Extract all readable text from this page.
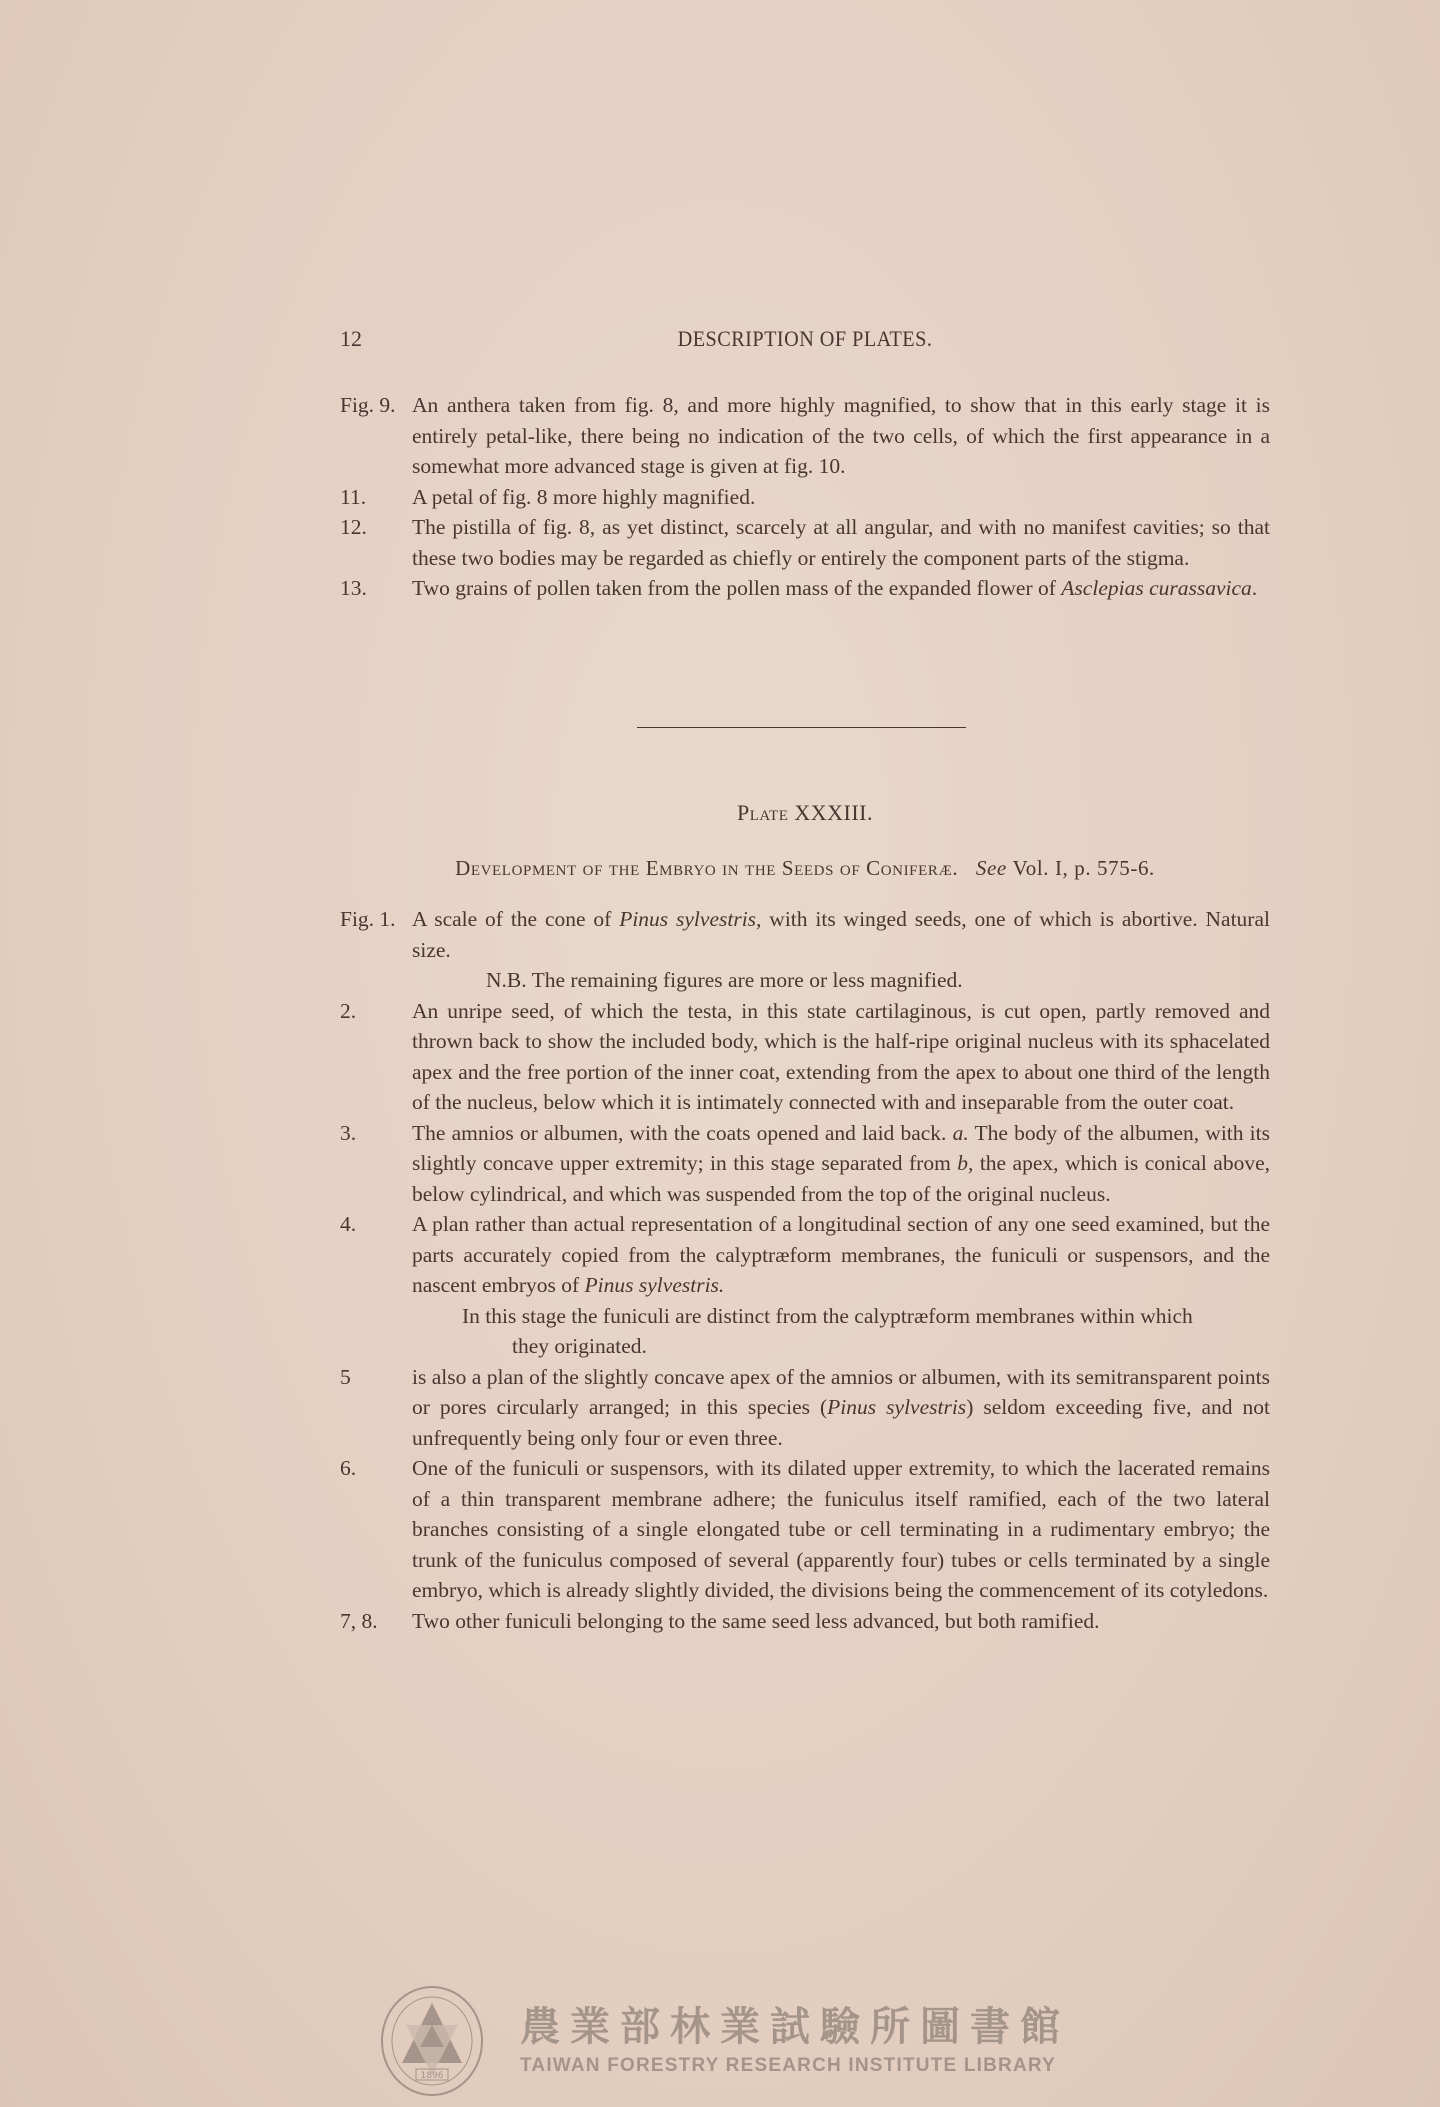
12	DESCRIPTION OF PLATES.
Fig. 9. An anthera taken from fig. 8, and more highly magnified, to show that in this early stage it is entirely petal-like, there being no indication of the two cells, of which the first appearance in a somewhat more advanced stage is given at fig. 10.
11.	A petal of fig. 8 more highly magnified.
12.	The pistilla of fig. 8, as yet distinct, scarcely at all angular, and with no manifest cavities; so that these two bodies may be regarded as chiefly or entirely the component parts of the stigma.
13.	Two grains of pollen taken from the pollen mass of the expanded flower of Asclepias curassavica.
Plate XXXIII.
Development of the Embryo in the Seeds of Coniferæ. See Vol. I, p. 575-6.
Fig. 1. A scale of the cone of Pinus sylvestris, with its winged seeds, one of which is abortive. Natural size.
N.B. The remaining figures are more or less magnified.
2.	An unripe seed, of which the testa, in this state cartilaginous, is cut open, partly removed and thrown back to show the included body, which is the half-ripe original nucleus with its sphacelated apex and the free portion of the inner coat, extending from the apex to about one third of the length of the nucleus, below which it is intimately connected with and inseparable from the outer coat.
3.	The amnios or albumen, with the coats opened and laid back. a. The body of the albumen, with its slightly concave upper extremity; in this stage separated from b, the apex, which is conical above, below cylindrical, and which was suspended from the top of the original nucleus.
4.	A plan rather than actual representation of a longitudinal section of any one seed examined, but the parts accurately copied from the calyptræform membranes, the funiculi or suspensors, and the nascent embryos of Pinus sylvestris.
In this stage the funiculi are distinct from the calyptræform membranes within which
they originated.
5	is also a plan of the slightly concave apex of the amnios or albumen, with its semitransparent points or pores circularly arranged; in this species (Pinus sylvestris) seldom exceeding five, and not unfrequently being only four or even three.
6.	One of the funiculi or suspensors, with its dilated upper extremity, to which the lacerated remains of a thin transparent membrane adhere; the funiculus itself ramified, each of the two lateral branches consisting of a single elongated tube or cell terminating in a rudimentary embryo; the trunk of the funiculus composed of several (apparently four) tubes or cells terminated by a single embryo, which is already slightly divided, the divisions being the commencement of its cotyledons.
7, 8.	Two other funiculi belonging to the same seed less advanced, but both ramified.
1896
農業部林業試驗所圖書館
TAIWAN FORESTRY RESEARCH INSTITUTE LIBRARY
